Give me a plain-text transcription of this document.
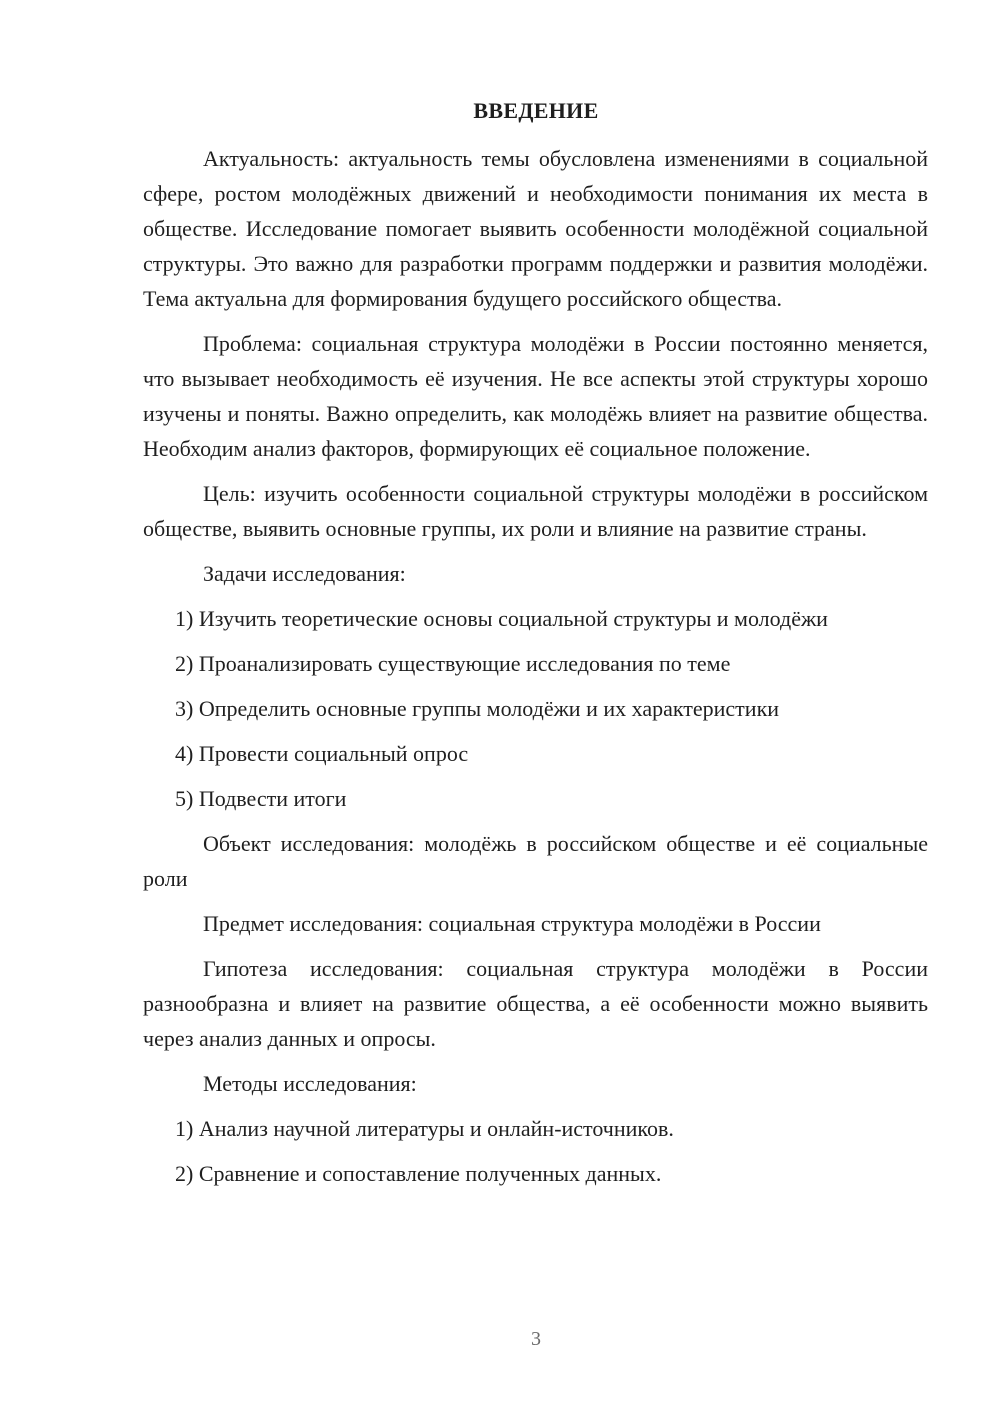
ВВЕДЕНИЕ

Актуальность: актуальность темы обусловлена изменениями в социальной сфере, ростом молодёжных движений и необходимости понимания их места в обществе. Исследование помогает выявить особенности молодёжной социальной структуры. Это важно для разработки программ поддержки и развития молодёжи. Тема актуальна для формирования будущего российского общества.

Проблема: социальная структура молодёжи в России постоянно меняется, что вызывает необходимость её изучения. Не все аспекты этой структуры хорошо изучены и поняты. Важно определить, как молодёжь влияет на развитие общества. Необходим анализ факторов, формирующих её социальное положение.

Цель: изучить особенности социальной структуры молодёжи в российском обществе, выявить основные группы, их роли и влияние на развитие страны.

Задачи исследования:

1) Изучить теоретические основы социальной структуры и молодёжи

2) Проанализировать существующие исследования по теме

3) Определить основные группы молодёжи и их характеристики

4) Провести социальный опрос

5) Подвести итоги

Объект исследования: молодёжь в российском обществе и её социальные роли

Предмет исследования: социальная структура молодёжи в России

Гипотеза исследования: социальная структура молодёжи в России разнообразна и влияет на развитие общества, а её особенности можно выявить через анализ данных и опросы.

Методы исследования:

1) Анализ научной литературы и онлайн-источников.

2) Сравнение и сопоставление полученных данных.

3
